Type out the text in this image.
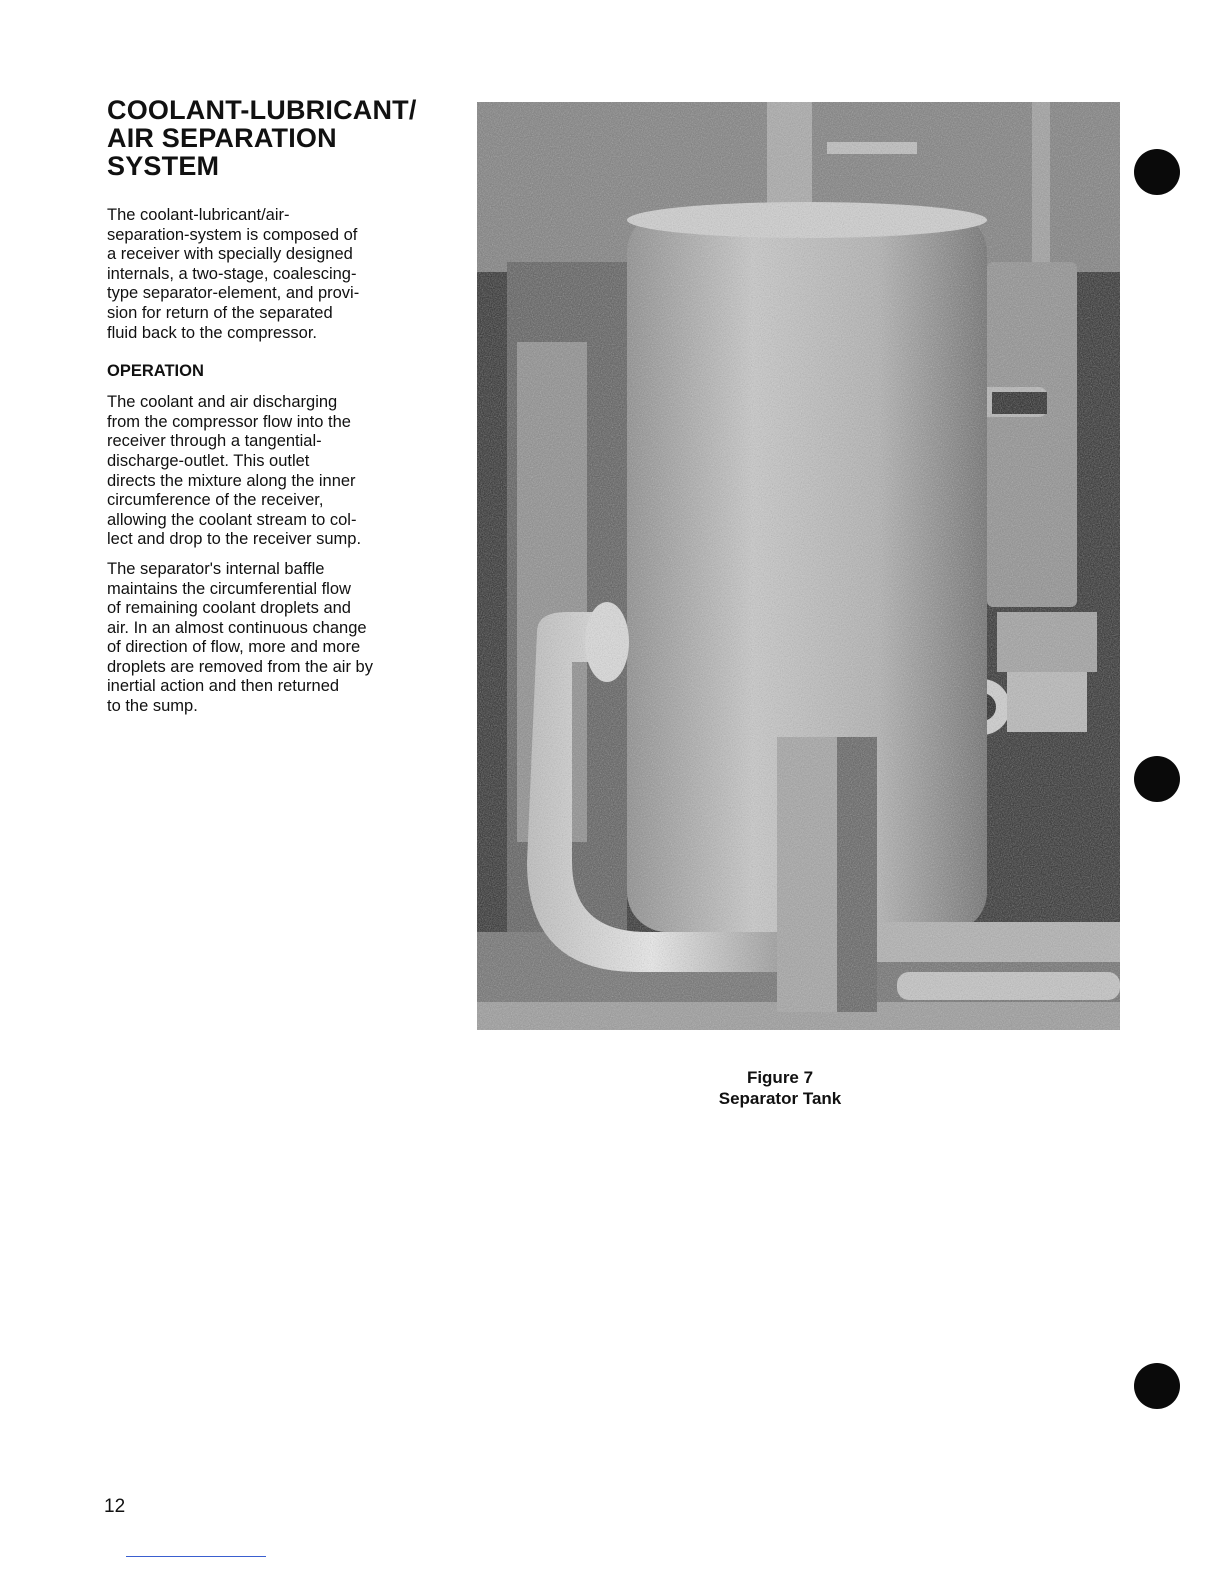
COOLANT-LUBRICANT/
AIR SEPARATION
SYSTEM

The coolant-lubricant/air-
separation-system is composed of
a receiver with specially designed
internals, a two-stage, coalescing-
type separator-element, and provi-
sion for return of the separated
fluid back to the compressor.

OPERATION

The coolant and air discharging
from the compressor flow into the
receiver through a tangential-
discharge-outlet. This outlet
directs the mixture along the inner
circumference of the receiver,
allowing the coolant stream to col-
lect and drop to the receiver sump.

The separator's internal baffle
maintains the circumferential flow
of remaining coolant droplets and
air. In an almost continuous change
of direction of flow, more and more
droplets are removed from the air by
inertial action and then returned
to the sump.

Figure 7
Separator Tank
12
